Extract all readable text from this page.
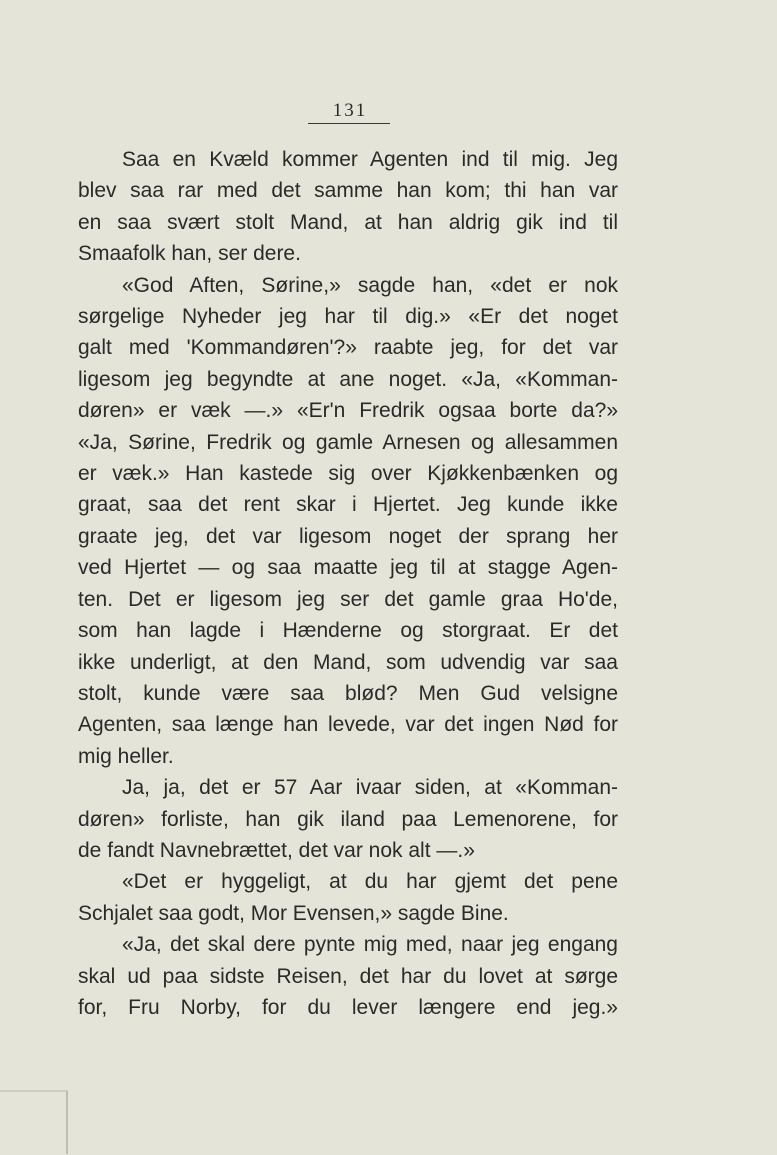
131
Saa en Kvæld kommer Agenten ind til mig. Jeg
blev saa rar med det samme han kom; thi han var
en saa svært stolt Mand, at han aldrig gik ind til
Smaafolk han, ser dere.
«God Aften, Sørine,» sagde han, «det er nok
sørgelige Nyheder jeg har til dig.» «Er det noget
galt med 'Kommandøren'?» raabte jeg, for det var
ligesom jeg begyndte at ane noget. «Ja, «Komman-
døren» er væk —.» «Er'n Fredrik ogsaa borte da?»
«Ja, Sørine, Fredrik og gamle Arnesen og allesammen
er væk.» Han kastede sig over Kjøkkenbænken og
graat, saa det rent skar i Hjertet. Jeg kunde ikke
graate jeg, det var ligesom noget der sprang her
ved Hjertet — og saa maatte jeg til at stagge Agen-
ten. Det er ligesom jeg ser det gamle graa Ho'de,
som han lagde i Hænderne og storgraat. Er det
ikke underligt, at den Mand, som udvendig var saa
stolt, kunde være saa blød? Men Gud velsigne
Agenten, saa længe han levede, var det ingen Nød for
mig heller.
Ja, ja, det er 57 Aar ivaar siden, at «Komman-
døren» forliste, han gik iland paa Lemenorene, for
de fandt Navnebrættet, det var nok alt —.»
«Det er hyggeligt, at du har gjemt det pene
Schjalet saa godt, Mor Evensen,» sagde Bine.
«Ja, det skal dere pynte mig med, naar jeg engang
skal ud paa sidste Reisen, det har du lovet at sørge
for, Fru Norby, for du lever længere end jeg.»
